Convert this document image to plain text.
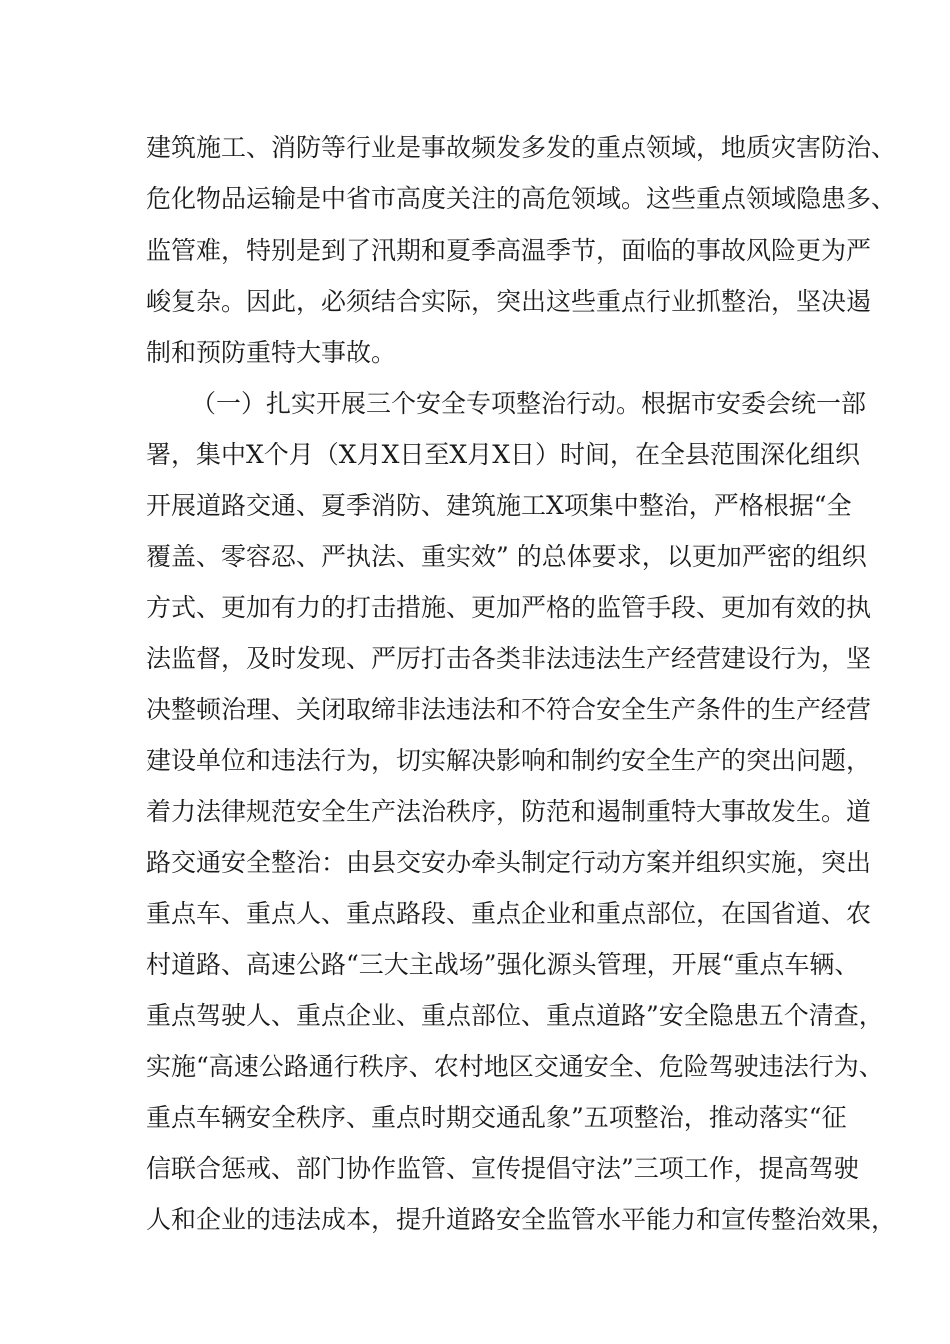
建筑施工、消防等行业是事故频发多发的重点领域，地质灾害防治、
危化物品运输是中省市高度关注的高危领域。这些重点领域隐患多、
监管难，特别是到了汛期和夏季高温季节，面临的事故风险更为严
峻复杂。因此，必须结合实际，突出这些重点行业抓整治，坚决遏
制和预防重特大事故。
（一）扎实开展三个安全专项整治行动。根据市安委会统一部
署，集中X个月（X月X日至X月X日）时间，在全县范围深化组织
开展道路交通、夏季消防、建筑施工X项集中整治，严格根据“全
覆盖、零容忍、严执法、重实效” 的总体要求，以更加严密的组织
方式、更加有力的打击措施、更加严格的监管手段、更加有效的执
法监督，及时发现、严厉打击各类非法违法生产经营建设行为，坚
决整顿治理、关闭取缔非法违法和不符合安全生产条件的生产经营
建设单位和违法行为，切实解决影响和制约安全生产的突出问题，
着力法律规范安全生产法治秩序，防范和遏制重特大事故发生。道
路交通安全整治：由县交安办牵头制定行动方案并组织实施，突出
重点车、重点人、重点路段、重点企业和重点部位，在国省道、农
村道路、高速公路“三大主战场”强化源头管理，开展“重点车辆、
重点驾驶人、重点企业、重点部位、重点道路”安全隐患五个清查，
实施“高速公路通行秩序、农村地区交通安全、危险驾驶违法行为、
重点车辆安全秩序、重点时期交通乱象”五项整治，推动落实“征
信联合惩戒、部门协作监管、宣传提倡守法”三项工作，提高驾驶
人和企业的违法成本，提升道路安全监管水平能力和宣传整治效果，
